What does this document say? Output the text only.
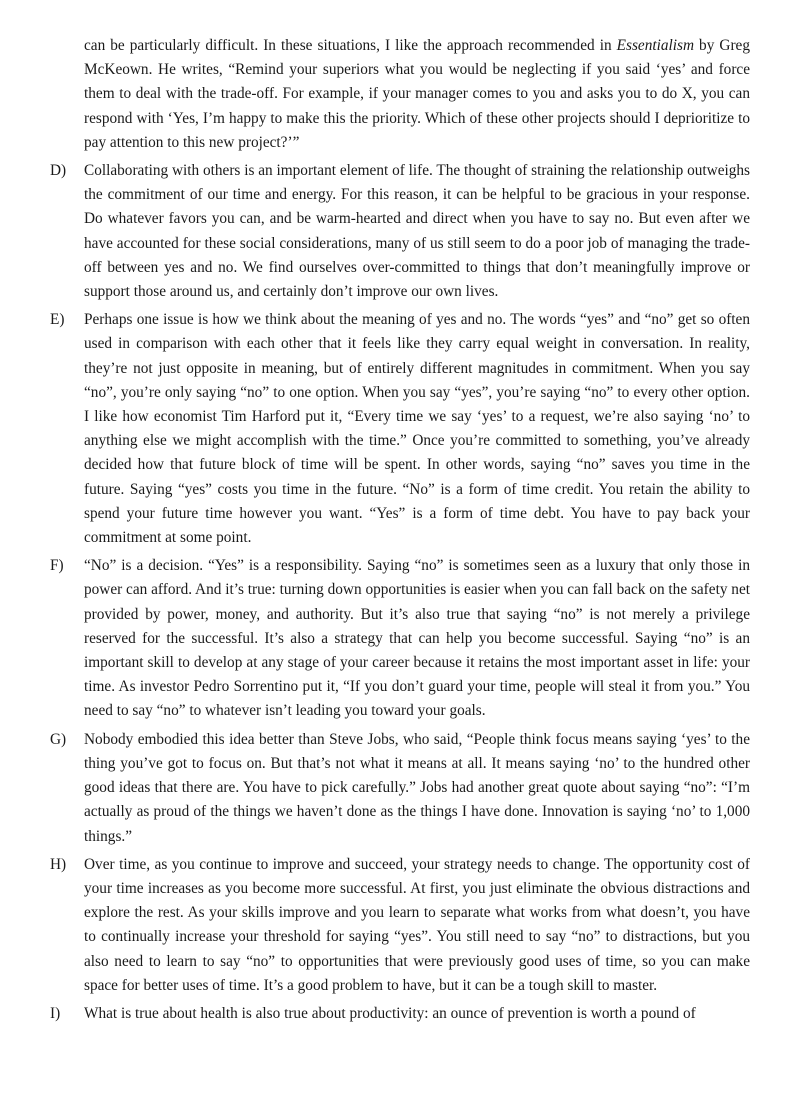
can be particularly difficult. In these situations, I like the approach recommended in Essentialism by Greg McKeown. He writes, “Remind your superiors what you would be neglecting if you said ‘yes’ and force them to deal with the trade-off. For example, if your manager comes to you and asks you to do X, you can respond with ‘Yes, I’m happy to make this the priority. Which of these other projects should I deprioritize to pay attention to this new project?’”

D) Collaborating with others is an important element of life. The thought of straining the relationship outweighs the commitment of our time and energy. For this reason, it can be helpful to be gracious in your response. Do whatever favors you can, and be warm-hearted and direct when you have to say no. But even after we have accounted for these social considerations, many of us still seem to do a poor job of managing the trade-off between yes and no. We find ourselves over-committed to things that don’t meaningfully improve or support those around us, and certainly don’t improve our own lives.

E) Perhaps one issue is how we think about the meaning of yes and no. The words “yes” and “no” get so often used in comparison with each other that it feels like they carry equal weight in conversation. In reality, they’re not just opposite in meaning, but of entirely different magnitudes in commitment. When you say “no”, you’re only saying “no” to one option. When you say “yes”, you’re saying “no” to every other option. I like how economist Tim Harford put it, “Every time we say ‘yes’ to a request, we’re also saying ‘no’ to anything else we might accomplish with the time.” Once you’re committed to something, you’ve already decided how that future block of time will be spent. In other words, saying “no” saves you time in the future. Saying “yes” costs you time in the future. “No” is a form of time credit. You retain the ability to spend your future time however you want. “Yes” is a form of time debt. You have to pay back your commitment at some point.

F) “No” is a decision. “Yes” is a responsibility. Saying “no” is sometimes seen as a luxury that only those in power can afford. And it’s true: turning down opportunities is easier when you can fall back on the safety net provided by power, money, and authority. But it’s also true that saying “no” is not merely a privilege reserved for the successful. It’s also a strategy that can help you become successful. Saying “no” is an important skill to develop at any stage of your career because it retains the most important asset in life: your time. As investor Pedro Sorrentino put it, “If you don’t guard your time, people will steal it from you.” You need to say “no” to whatever isn’t leading you toward your goals.

G) Nobody embodied this idea better than Steve Jobs, who said, “People think focus means saying ‘yes’ to the thing you’ve got to focus on. But that’s not what it means at all. It means saying ‘no’ to the hundred other good ideas that there are. You have to pick carefully.” Jobs had another great quote about saying “no”: “I’m actually as proud of the things we haven’t done as the things I have done. Innovation is saying ‘no’ to 1,000 things.”

H) Over time, as you continue to improve and succeed, your strategy needs to change. The opportunity cost of your time increases as you become more successful. At first, you just eliminate the obvious distractions and explore the rest. As your skills improve and you learn to separate what works from what doesn’t, you have to continually increase your threshold for saying “yes”. You still need to say “no” to distractions, but you also need to learn to say “no” to opportunities that were previously good uses of time, so you can make space for better uses of time. It’s a good problem to have, but it can be a tough skill to master.

I) What is true about health is also true about productivity: an ounce of prevention is worth a pound of
